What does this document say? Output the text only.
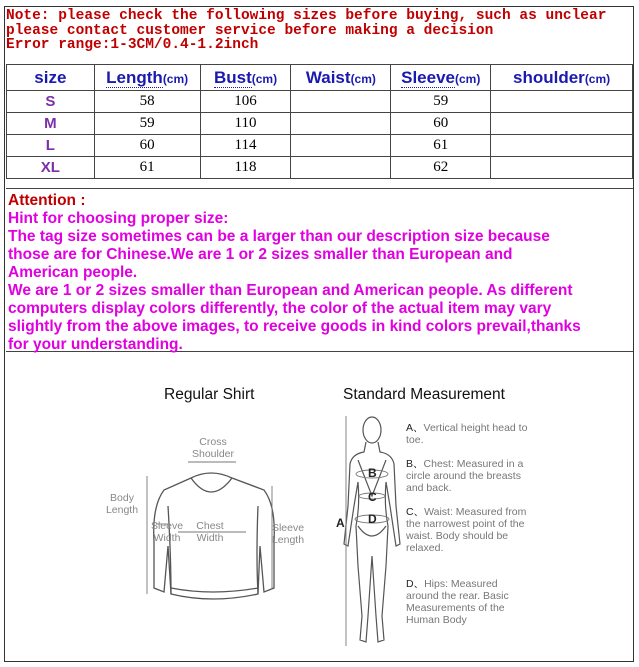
Note: please check the following sizes before buying, such as unclear
please contact customer service before making a decision
Error range:1-3CM/0.4-1.2inch
size	Length(cm)	Bust(cm)	Waist(cm)	Sleeve(cm)	shoulder(cm)
S	58	106		59	
M	59	110		60	
L	60	114		61	
XL	61	118		62	
Attention :
Hint for choosing proper size:
The tag size sometimes can be a larger than our description size because
those are for Chinese.We are 1 or 2 sizes smaller than European and
American people.
We are 1 or 2 sizes smaller than European and American people. As different
computers display colors differently, the color of the actual item may vary
slightly from the above images, to receive goods in kind colors prevail,thanks
for your understanding.
Regular Shirt	Standard Measurement
Cross Shoulder
Body Length
Sleeve Width
Chest Width
Sleeve Length
A
B
C
D
A、Vertical height head to toe.
B、Chest: Measured in a circle around the breasts and back.
C、Waist: Measured from the narrowest point of the waist. Body should be relaxed.
D、Hips: Measured around the rear. Basic Measurements of the Human Body
